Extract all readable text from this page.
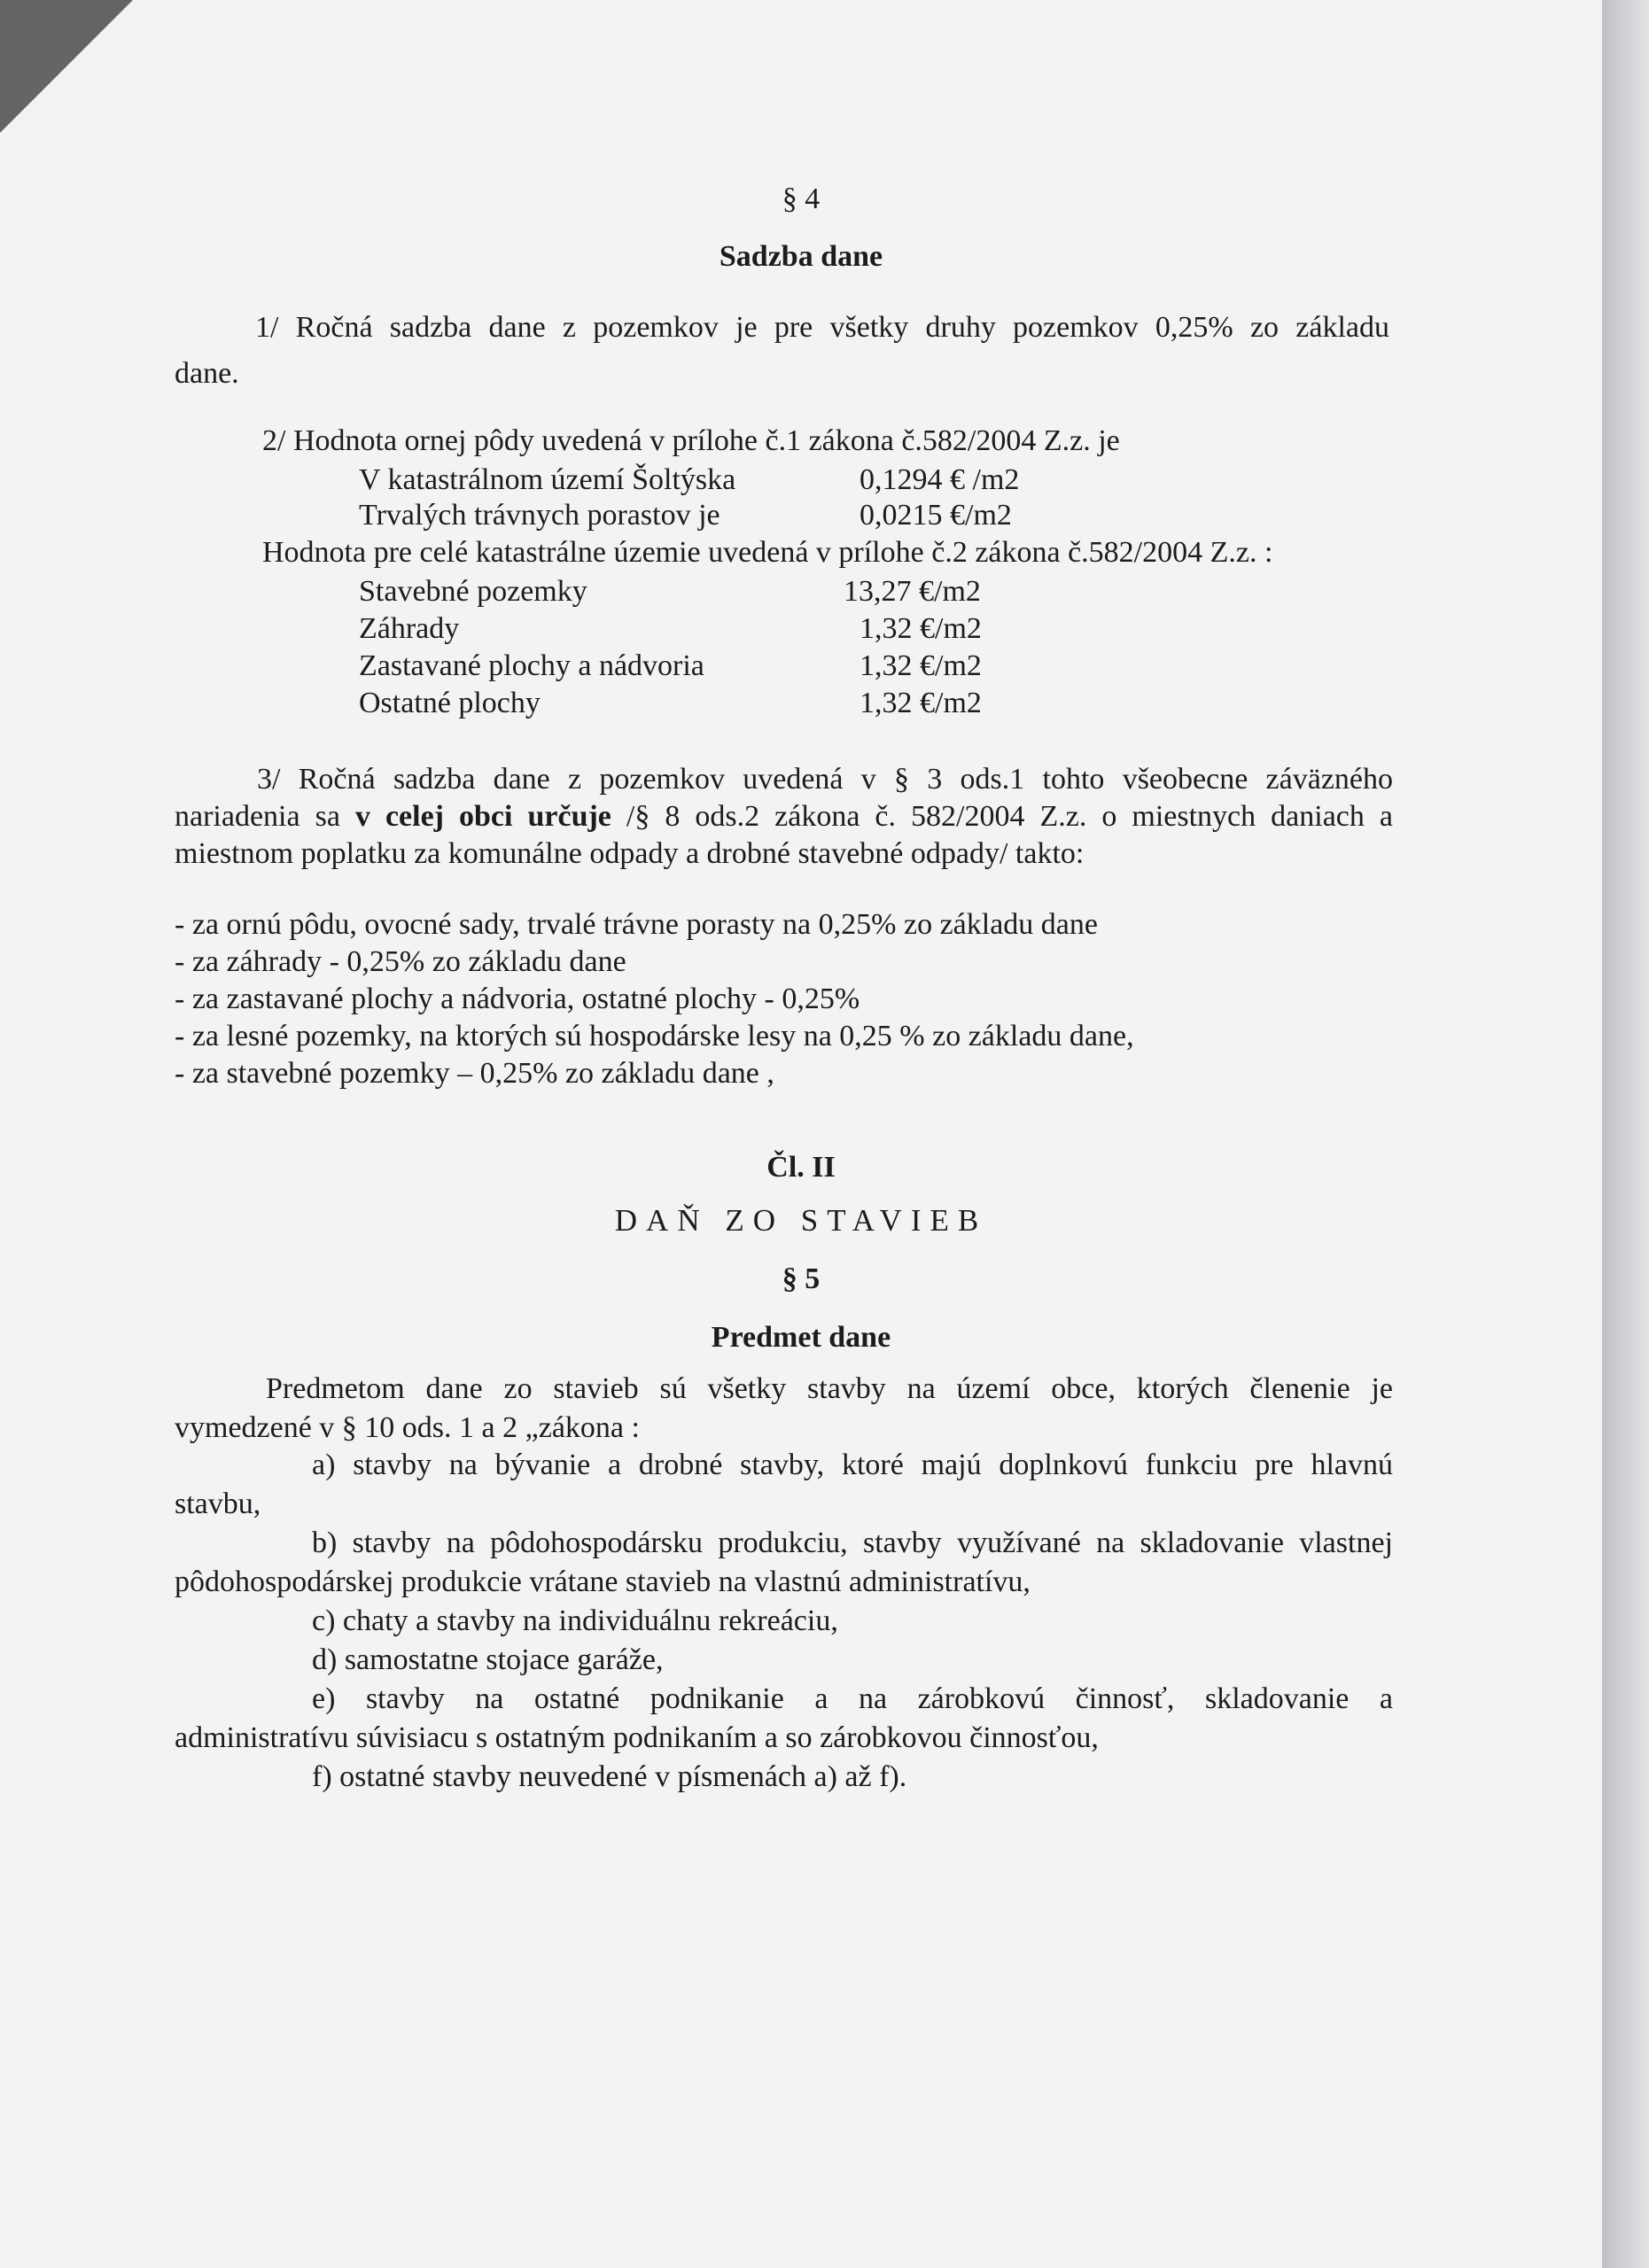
§ 4
Sadzba dane
1/ Ročná sadzba dane z pozemkov je pre všetky druhy pozemkov 0,25% zo základu
dane.
2/ Hodnota ornej pôdy uvedená v prílohe č.1 zákona č.582/2004 Z.z. je
V katastrálnom území Šoltýska	0,1294 € /m2
Trvalých trávnych porastov je	0,0215 €/m2
Hodnota pre celé katastrálne územie uvedená v prílohe č.2 zákona č.582/2004 Z.z. :
Stavebné pozemky	13,27 €/m2
Záhrady	1,32 €/m2
Zastavané plochy a nádvoria	1,32 €/m2
Ostatné plochy	1,32 €/m2
3/ Ročná sadzba dane z pozemkov uvedená v § 3 ods.1 tohto všeobecne záväzného
nariadenia sa v celej obci určuje /§ 8 ods.2 zákona č. 582/2004 Z.z. o miestnych daniach a
miestnom poplatku za komunálne odpady a drobné stavebné odpady/ takto:
- za ornú pôdu, ovocné sady, trvalé trávne porasty na 0,25% zo základu dane
- za záhrady - 0,25% zo základu dane
- za zastavané plochy a nádvoria, ostatné plochy - 0,25%
- za lesné pozemky, na ktorých sú hospodárske lesy na 0,25 % zo základu dane,
- za stavebné pozemky – 0,25% zo základu dane ,
Čl. II
DAŇ ZO STAVIEB
§ 5
Predmet dane
Predmetom dane zo stavieb sú všetky stavby na území obce, ktorých členenie je
vymedzené v § 10 ods. 1 a 2 „zákona :
a) stavby na bývanie a drobné stavby, ktoré majú doplnkovú funkciu pre hlavnú
stavbu,
b) stavby na pôdohospodársku produkciu, stavby využívané na skladovanie vlastnej
pôdohospodárskej produkcie vrátane stavieb na vlastnú administratívu,
c) chaty a stavby na individuálnu rekreáciu,
d) samostatne stojace garáže,
e) stavby na ostatné podnikanie a na zárobkovú činnosť, skladovanie a
administratívu súvisiacu s ostatným podnikaním a so zárobkovou činnosťou,
f) ostatné stavby neuvedené v písmenách a) až f).
